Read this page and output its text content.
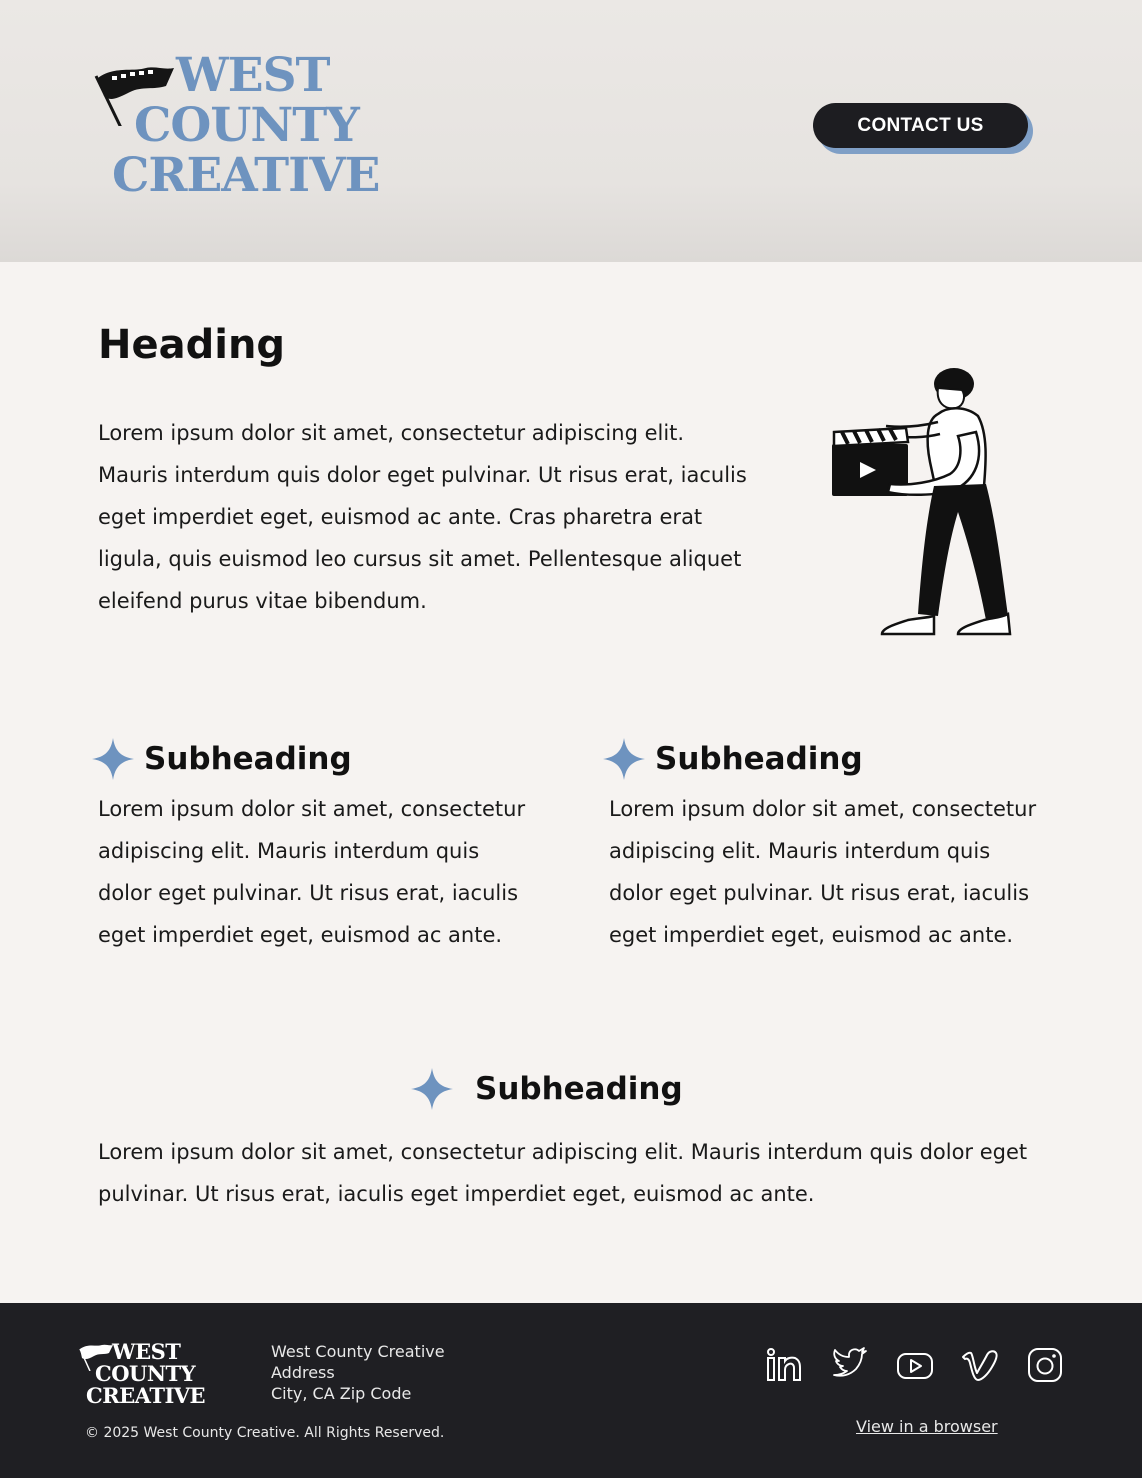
WEST
COUNTY
CREATIVE
CONTACT US
Heading
Lorem ipsum dolor sit amet, consectetur adipiscing elit. Mauris interdum quis dolor eget pulvinar. Ut risus erat, iaculis eget imperdiet eget, euismod ac ante. Cras pharetra erat ligula, quis euismod leo cursus sit amet. Pellentesque aliquet eleifend purus vitae bibendum.
Subheading
Lorem ipsum dolor sit amet, consectetur adipiscing elit. Mauris interdum quis dolor eget pulvinar. Ut risus erat, iaculis eget imperdiet eget, euismod ac ante.
Subheading
Lorem ipsum dolor sit amet, consectetur adipiscing elit. Mauris interdum quis dolor eget pulvinar. Ut risus erat, iaculis eget imperdiet eget, euismod ac ante.
Subheading
Lorem ipsum dolor sit amet, consectetur adipiscing elit. Mauris interdum quis dolor eget pulvinar. Ut risus erat, iaculis eget imperdiet eget, euismod ac ante.
WEST
COUNTY
CREATIVE
West County Creative
Address
City, CA Zip Code
© 2025 West County Creative. All Rights Reserved.	View in a browser
